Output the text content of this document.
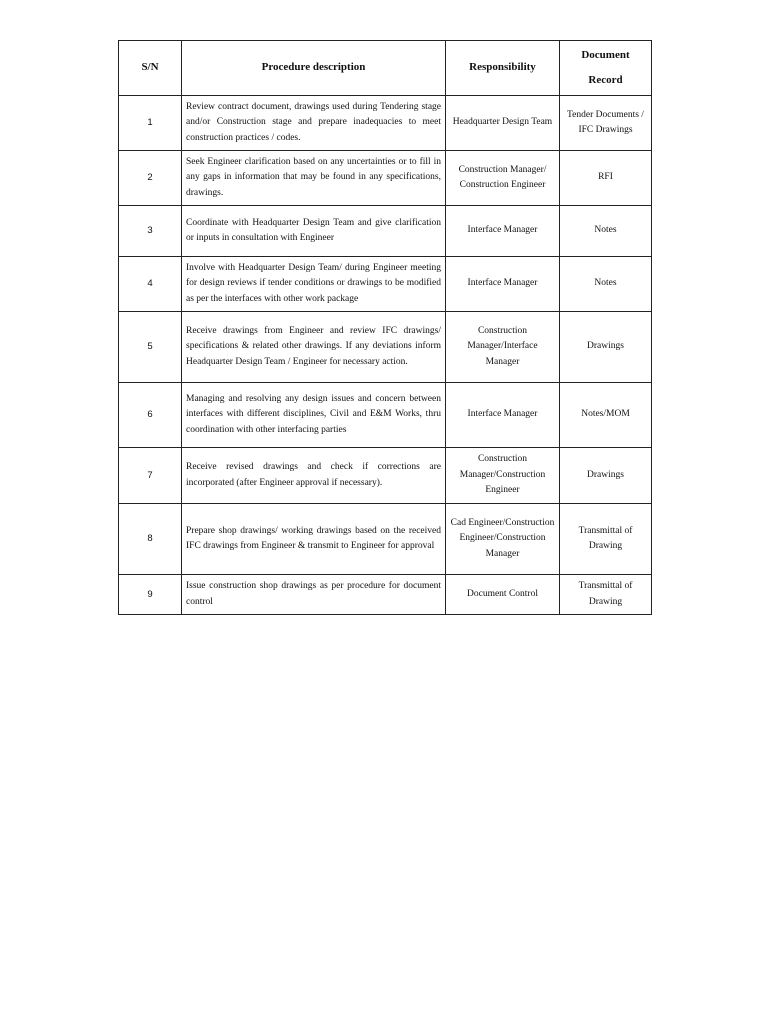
S/N	Procedure description	Responsibility	Document Record
1	Review contract document, drawings used during Tendering stage and/or Construction stage and prepare inadequacies to meet construction practices / codes.	Headquarter Design Team	Tender Documents / IFC Drawings
2	Seek Engineer clarification based on any uncertainties or to fill in any gaps in information that may be found in any specifications, drawings.	Construction Manager/ Construction Engineer	RFI
3	Coordinate with Headquarter Design Team and give clarification or inputs in consultation with Engineer	Interface Manager	Notes
4	Involve with Headquarter Design Team/ during Engineer meeting for design reviews if tender conditions or drawings to be modified as per the interfaces with other work package	Interface Manager	Notes
5	Receive drawings from Engineer and review IFC drawings/ specifications & related other drawings. If any deviations inform Headquarter Design Team / Engineer for necessary action.	Construction Manager/Interface Manager	Drawings
6	Managing and resolving any design issues and concern between interfaces with different disciplines, Civil and E&M Works, thru coordination with other interfacing parties	Interface Manager	Notes/MOM
7	Receive revised drawings and check if corrections are incorporated (after Engineer approval if necessary).	Construction Manager/Construction Engineer	Drawings
8	Prepare shop drawings/ working drawings based on the received IFC drawings from Engineer & transmit to Engineer for approval	Cad Engineer/Construction Engineer/Construction Manager	Transmittal of Drawing
9	Issue construction shop drawings as per procedure for document control	Document Control	Transmittal of Drawing
